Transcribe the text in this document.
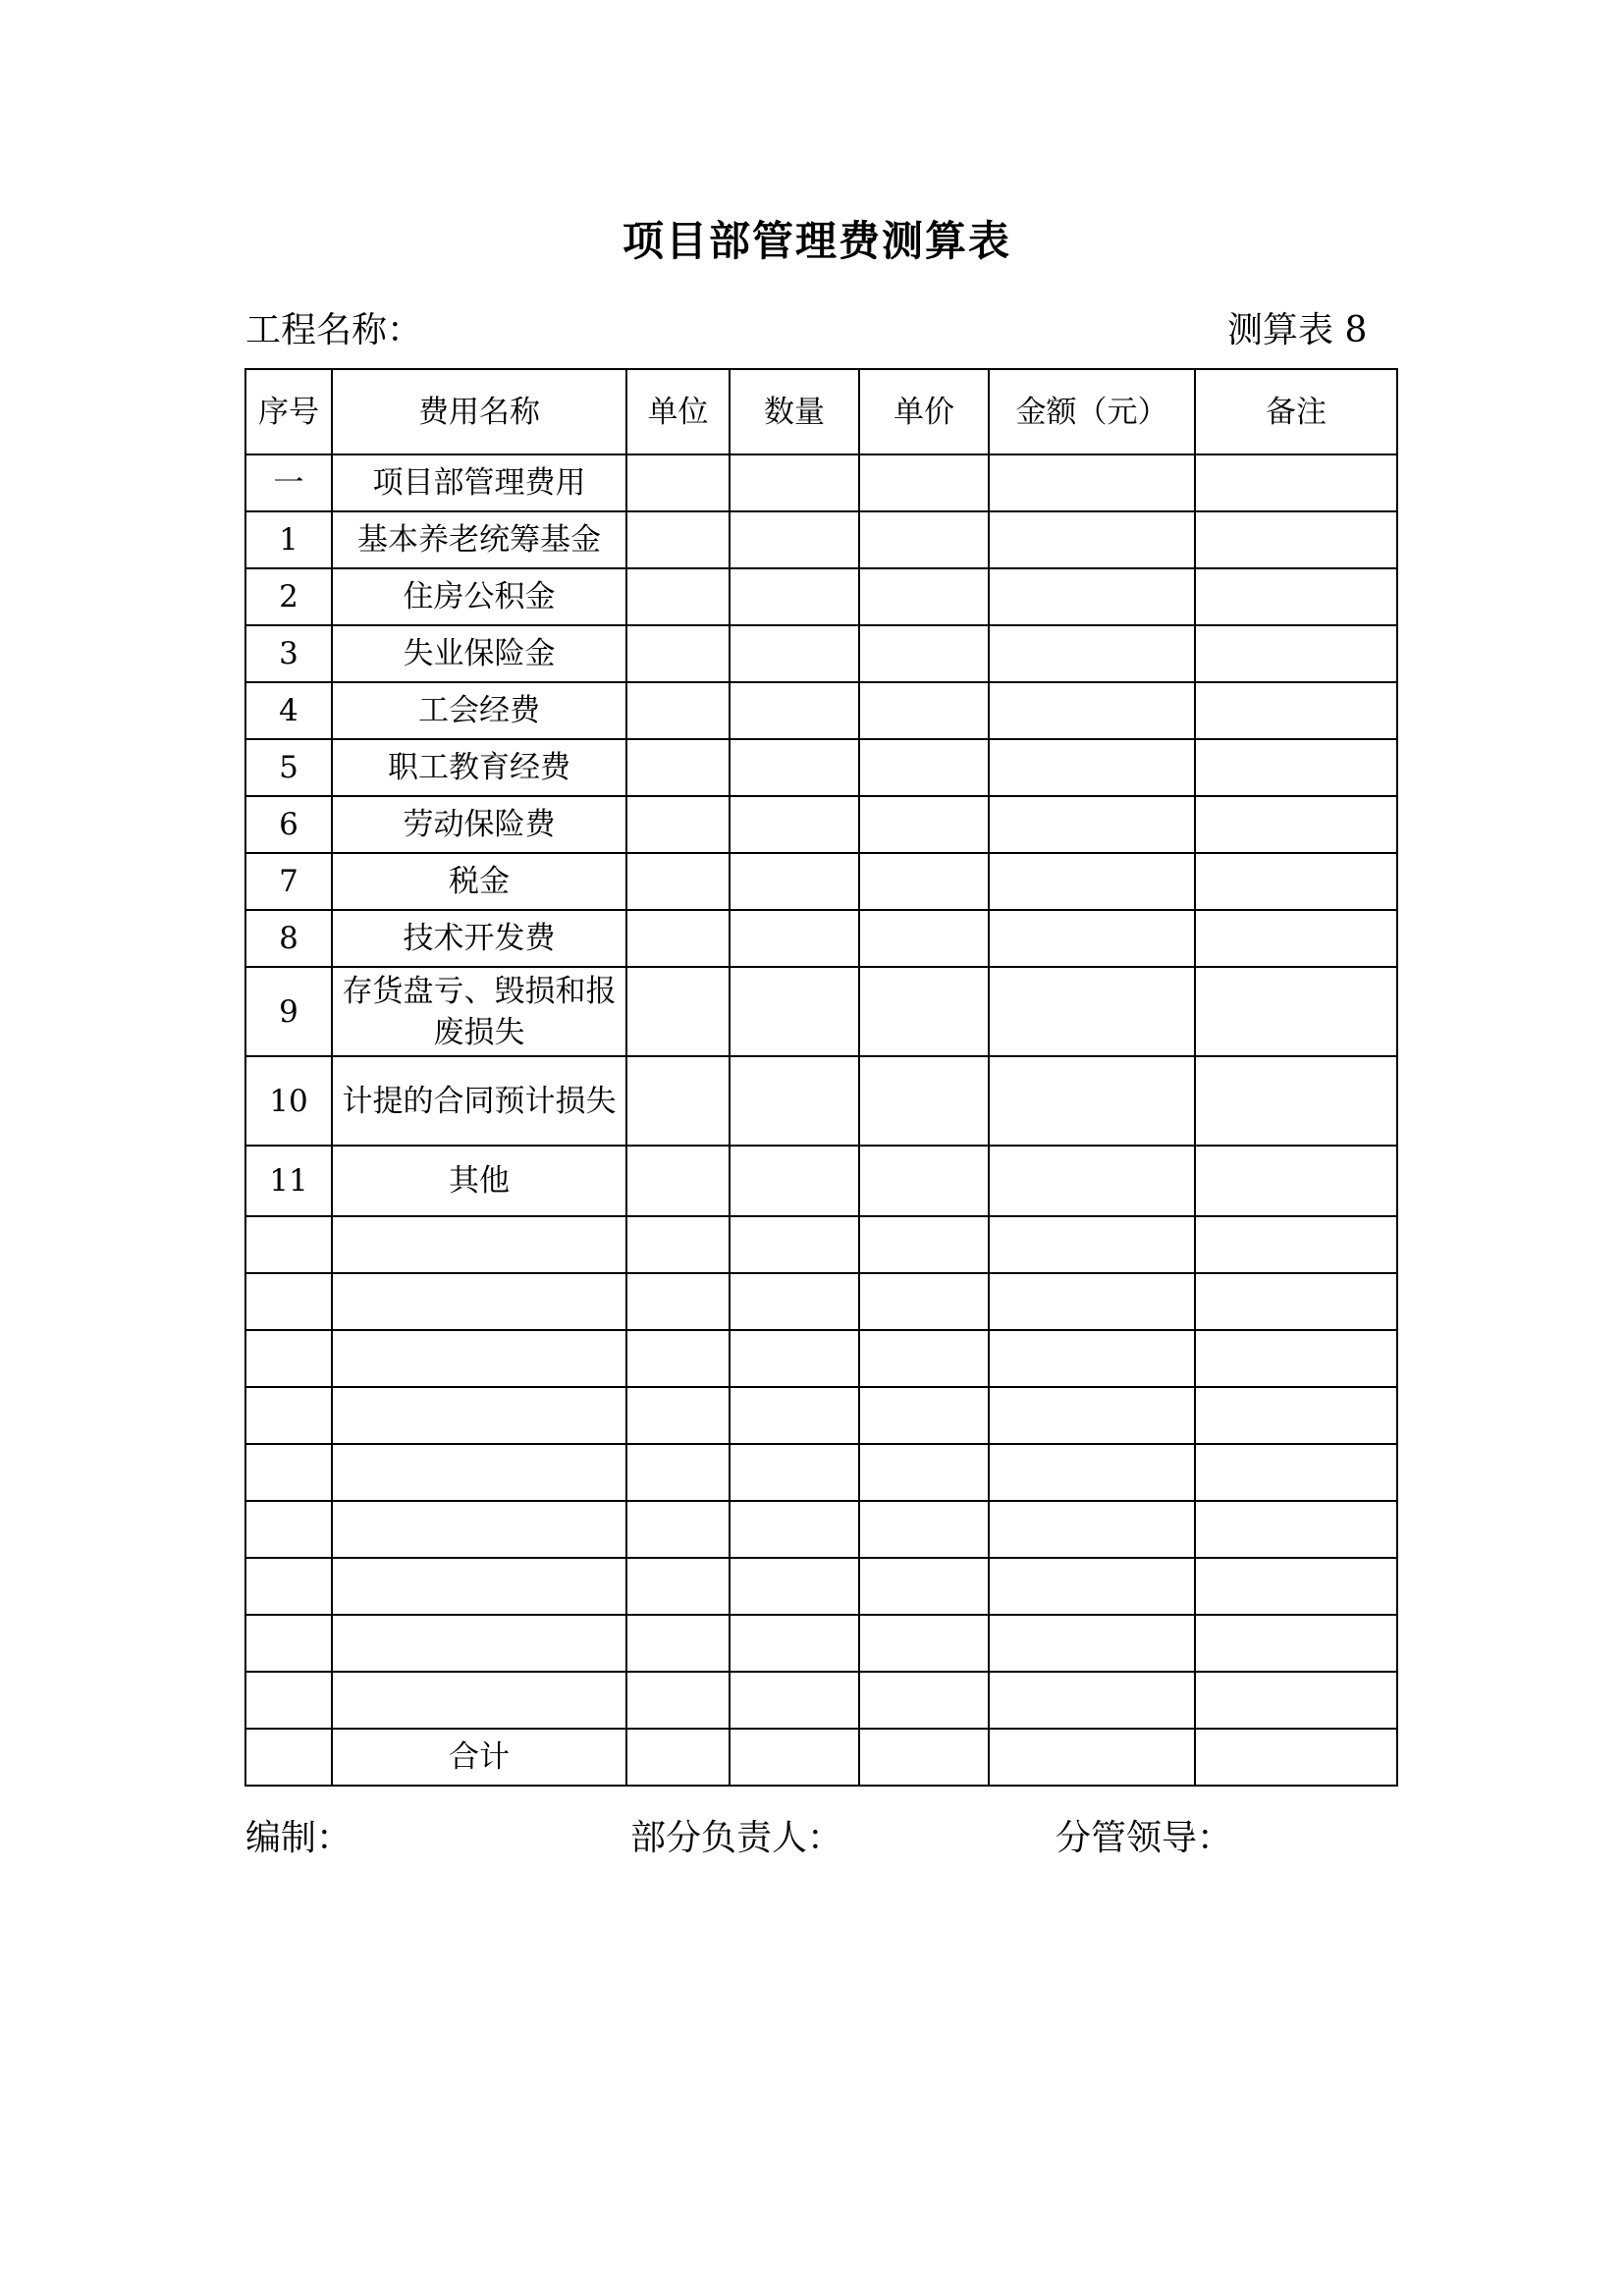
项目部管理费测算表
工程名称：	测算表 8
序号	费用名称	单位	数量	单价	金额（元）	备注
一	项目部管理费用					
1	基本养老统筹基金					
2	住房公积金					
3	失业保险金					
4	工会经费					
5	职工教育经费					
6	劳动保险费					
7	税金					
8	技术开发费					
9	存货盘亏、毁损和报废损失					
10	计提的合同预计损失					
11	其他					

	合计					
编制：	部分负责人：	分管领导：
